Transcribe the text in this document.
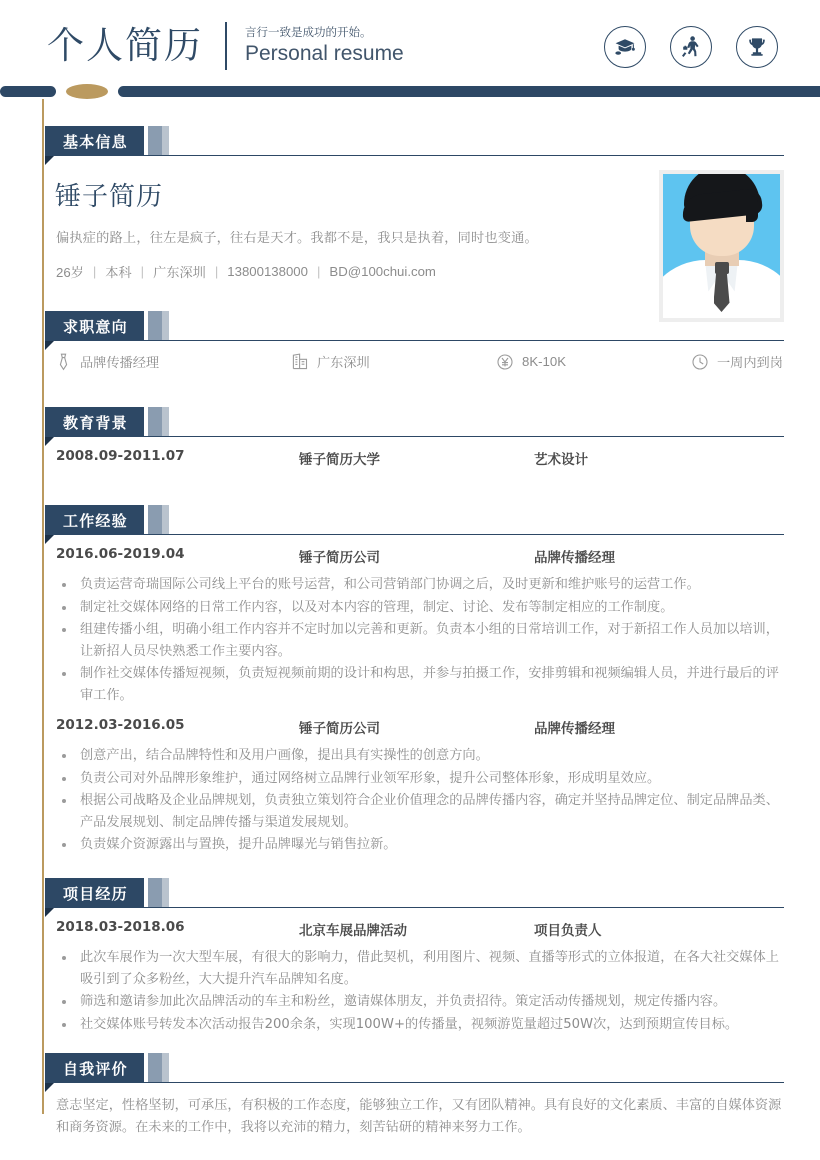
个人简历	言行一致是成功的开始。
Personal resume
基本信息
锤子简历
偏执症的路上，往左是疯子，往右是天才。我都不是，我只是执着，同时也变通。
26岁 | 本科 | 广东深圳 | 13800138000 | BD@100chui.com
求职意向
品牌传播经理	广东深圳	8K-10K	一周内到岗
教育背景
2008.09-2011.07	锤子简历大学	艺术设计
工作经验
2016.06-2019.04	锤子简历公司	品牌传播经理
负责运营奇瑞国际公司线上平台的账号运营，和公司营销部门协调之后，及时更新和维护账号的运营工作。
制定社交媒体网络的日常工作内容，以及对本内容的管理，制定、讨论、发布等制定相应的工作制度。
组建传播小组，明确小组工作内容并不定时加以完善和更新。负责本小组的日常培训工作，对于新招工作人员加以培训，让新招人员尽快熟悉工作主要内容。
制作社交媒体传播短视频，负责短视频前期的设计和构思，并参与拍摄工作，安排剪辑和视频编辑人员，并进行最后的评审工作。
2012.03-2016.05	锤子简历公司	品牌传播经理
创意产出，结合品牌特性和及用户画像，提出具有实操性的创意方向。
负责公司对外品牌形象维护，通过网络树立品牌行业领军形象，提升公司整体形象，形成明星效应。
根据公司战略及企业品牌规划，负责独立策划符合企业价值理念的品牌传播内容，确定并坚持品牌定位、制定品牌品类、产品发展规划、制定品牌传播与渠道发展规划。
负责媒介资源露出与置换，提升品牌曝光与销售拉新。
项目经历
2018.03-2018.06	北京车展品牌活动	项目负责人
此次车展作为一次大型车展，有很大的影响力，借此契机，利用图片、视频、直播等形式的立体报道，在各大社交媒体上吸引到了众多粉丝，大大提升汽车品牌知名度。
筛选和邀请参加此次品牌活动的车主和粉丝，邀请媒体朋友，并负责招待。策定活动传播规划，规定传播内容。
社交媒体账号转发本次活动报告200余条，实现100W+的传播量，视频游览量超过50W次，达到预期宣传目标。
自我评价
意志坚定，性格坚韧，可承压，有积极的工作态度，能够独立工作，又有团队精神。具有良好的文化素质、丰富的自媒体资源和商务资源。在未来的工作中，我将以充沛的精力，刻苦钻研的精神来努力工作。
